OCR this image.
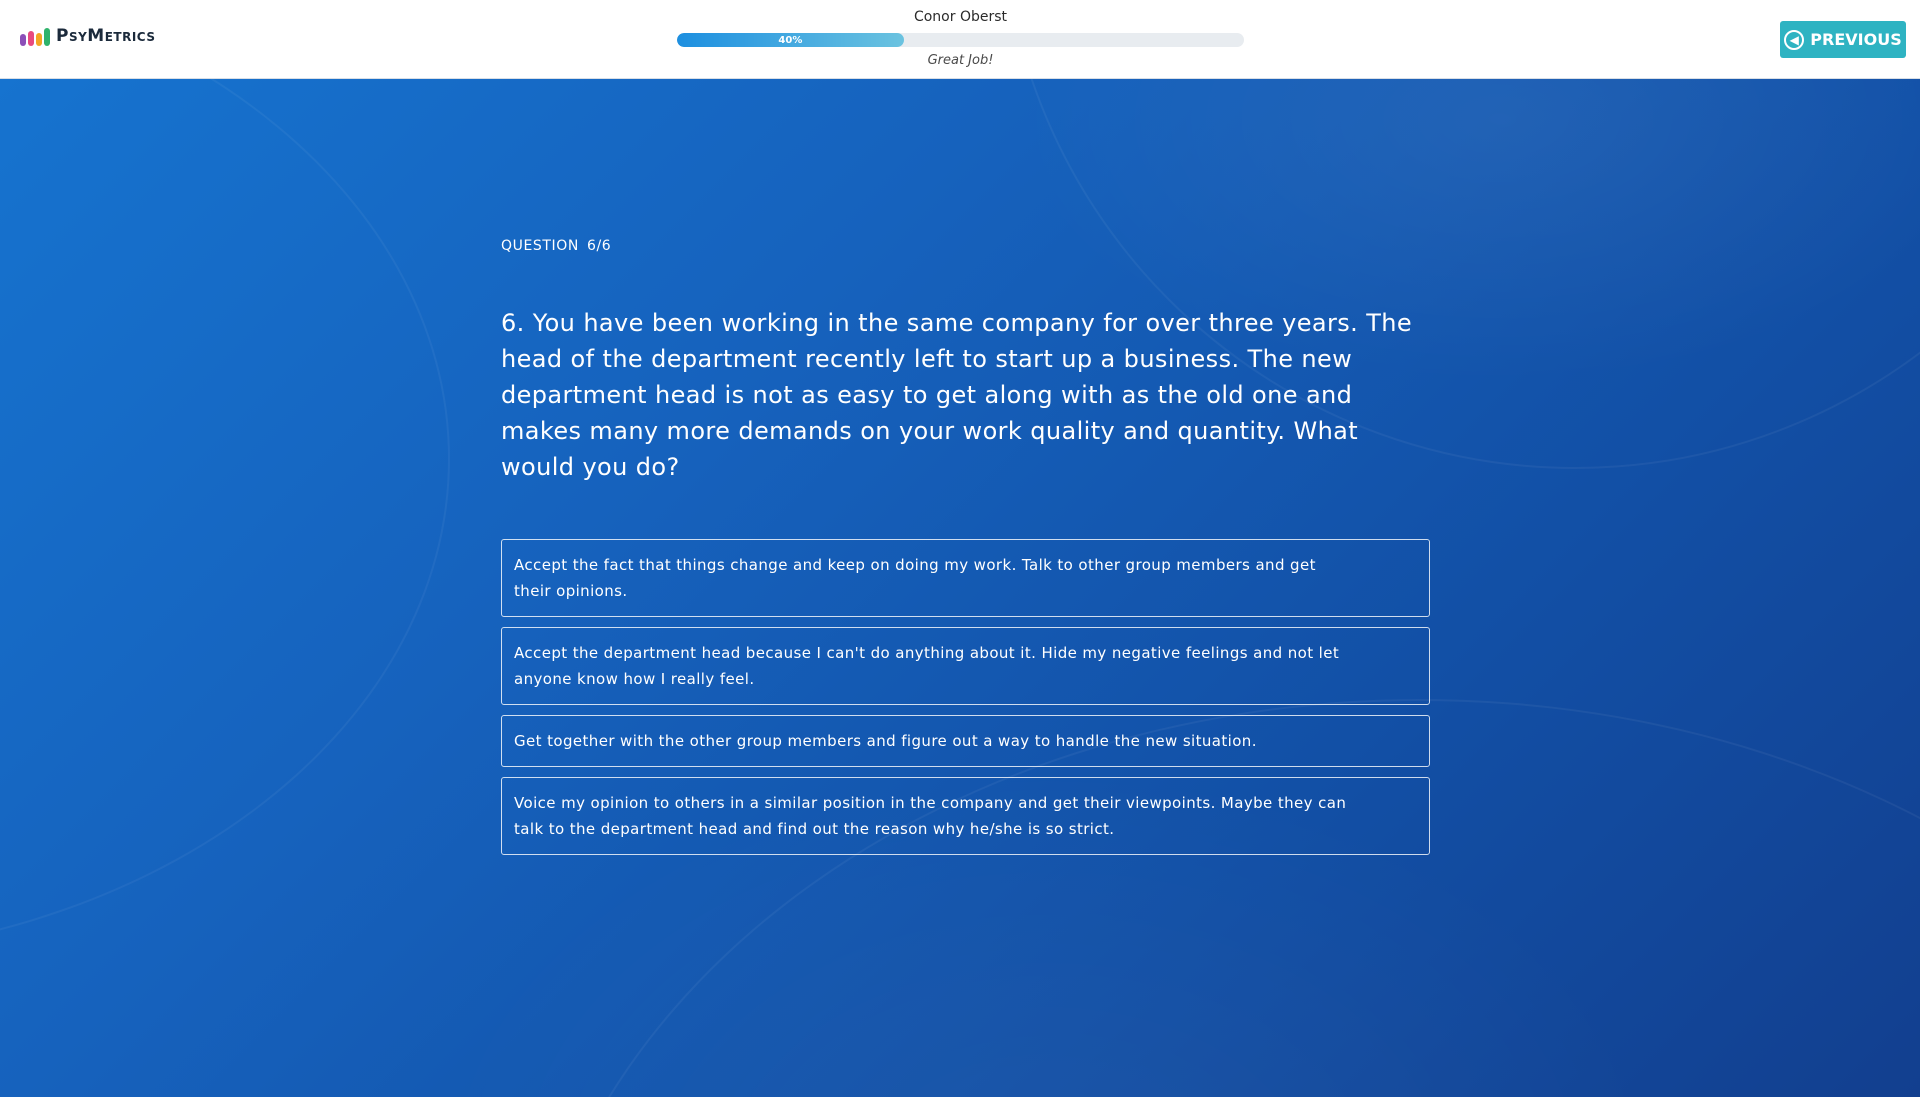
PsyMetrics
Conor Oberst
40%
Great Job!
◀ PREVIOUS
QUESTION 6/6
6. You have been working in the same company for over three years. The head of the department recently left to start up a business. The new department head is not as easy to get along with as the old one and makes many more demands on your work quality and quantity. What would you do?
Accept the fact that things change and keep on doing my work. Talk to other group members and get their opinions.
Accept the department head because I can't do anything about it. Hide my negative feelings and not let anyone know how I really feel.
Get together with the other group members and figure out a way to handle the new situation.
Voice my opinion to others in a similar position in the company and get their viewpoints. Maybe they can talk to the department head and find out the reason why he/she is so strict.
